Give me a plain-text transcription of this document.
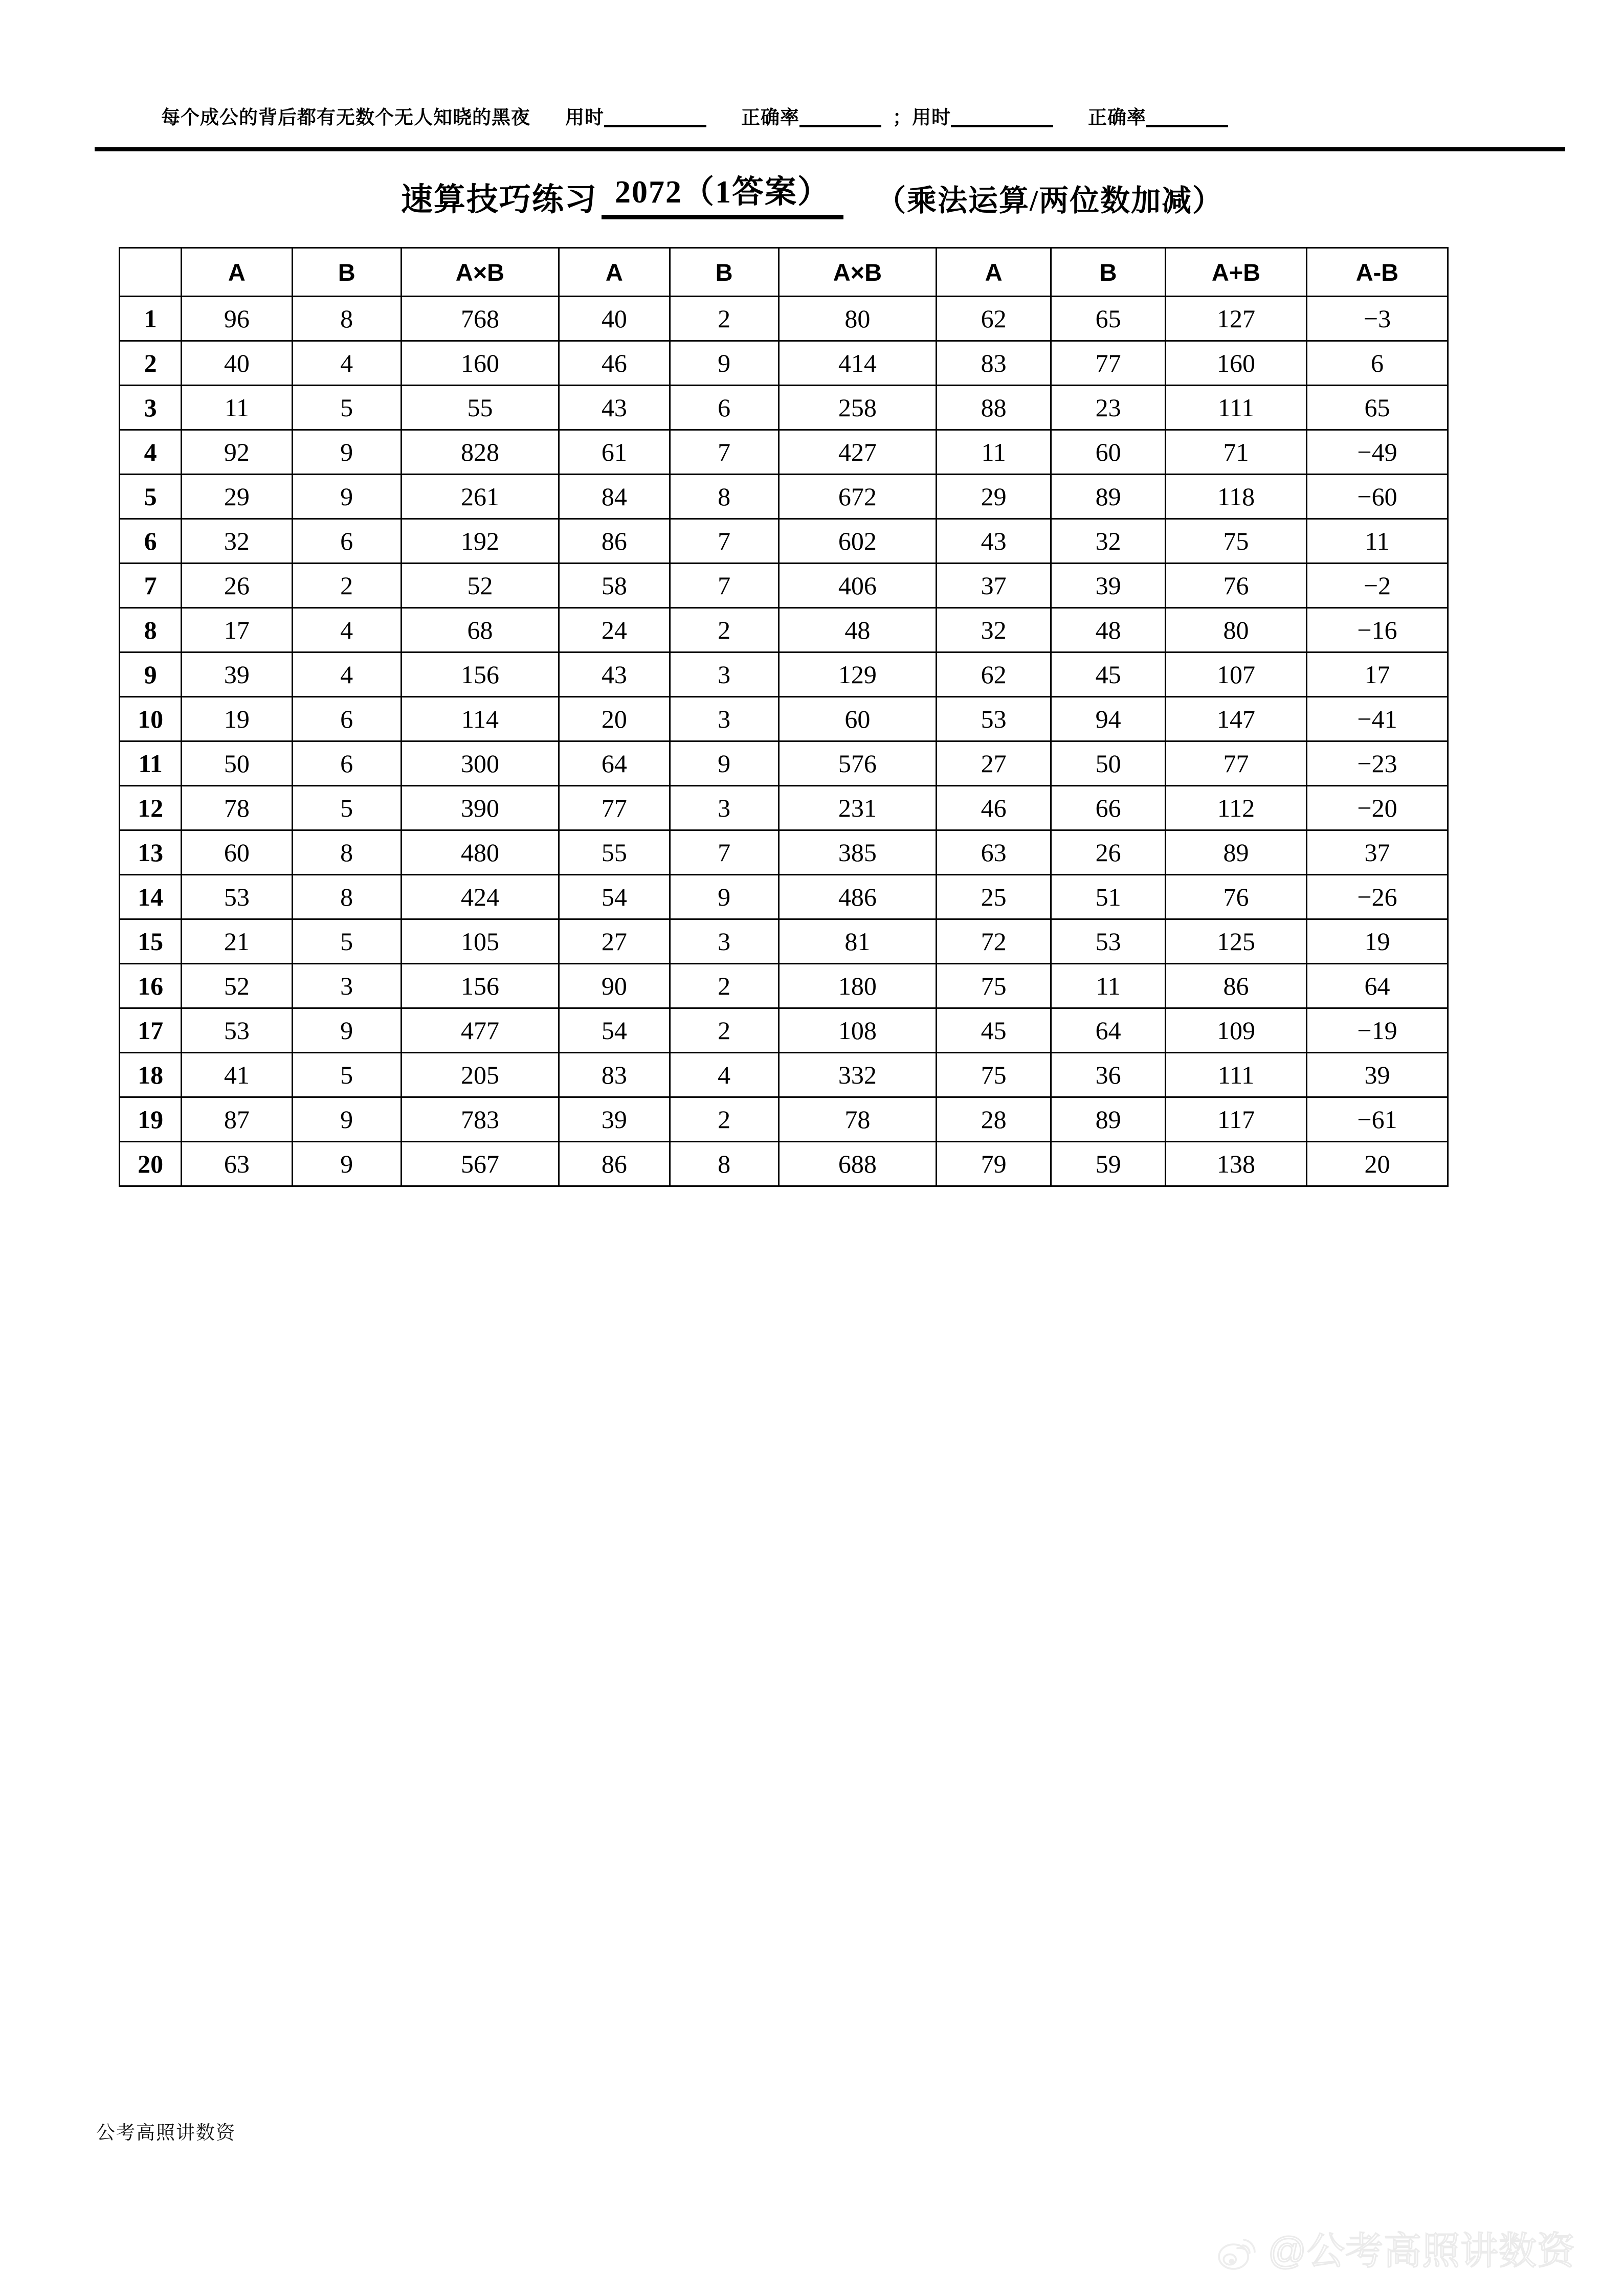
每个成公的背后都有无数个无人知晓的黑夜 用时	正确率	； 用时	正确率
速算技巧练习 2072（1答案）	（乘法运算/两位数加减）
	A	B	A×B	A	B	A×B	A	B	A+B	A-B
1	96	8	768	40	2	80	62	65	127	−3
2	40	4	160	46	9	414	83	77	160	6
3	11	5	55	43	6	258	88	23	111	65
4	92	9	828	61	7	427	11	60	71	−49
5	29	9	261	84	8	672	29	89	118	−60
6	32	6	192	86	7	602	43	32	75	11
7	26	2	52	58	7	406	37	39	76	−2
8	17	4	68	24	2	48	32	48	80	−16
9	39	4	156	43	3	129	62	45	107	17
10	19	6	114	20	3	60	53	94	147	−41
11	50	6	300	64	9	576	27	50	77	−23
12	78	5	390	77	3	231	46	66	112	−20
13	60	8	480	55	7	385	63	26	89	37
14	53	8	424	54	9	486	25	51	76	−26
15	21	5	105	27	3	81	72	53	125	19
16	52	3	156	90	2	180	75	11	86	64
17	53	9	477	54	2	108	45	64	109	−19
18	41	5	205	83	4	332	75	36	111	39
19	87	9	783	39	2	78	28	89	117	−61
20	63	9	567	86	8	688	79	59	138	20
公考高照讲数资
@公考高照讲数资
